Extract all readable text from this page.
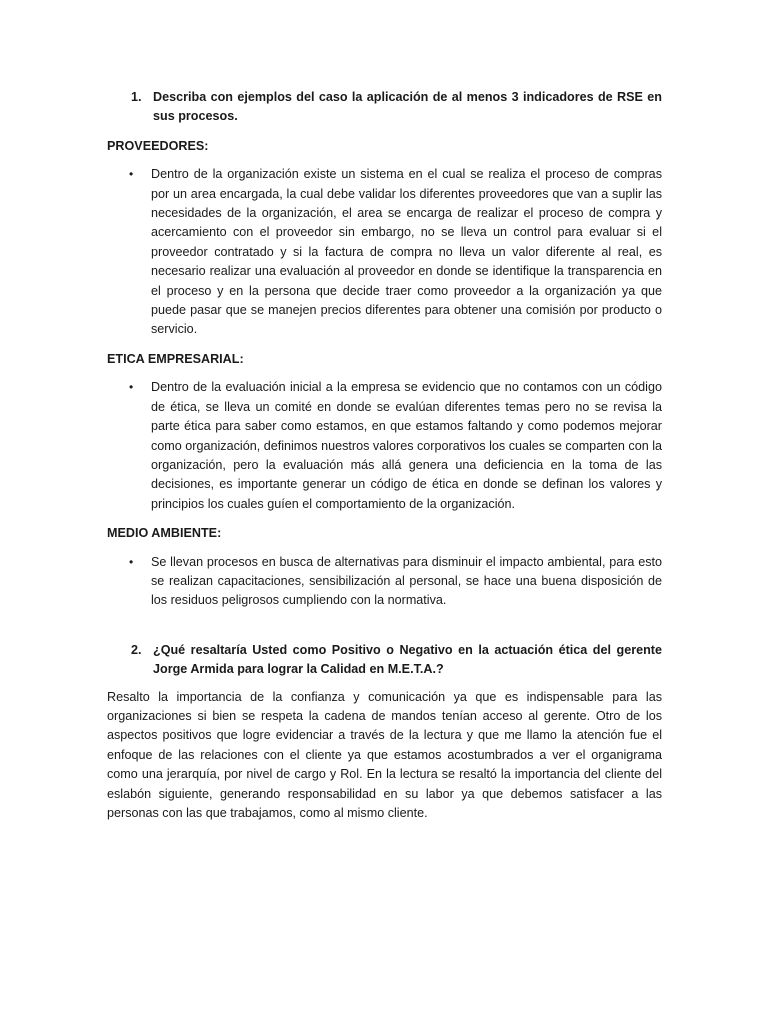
1. Describa con ejemplos del caso la aplicación de al menos 3 indicadores de RSE en sus procesos.
PROVEEDORES:
•	Dentro de la organización existe un sistema en el cual se realiza el proceso de compras por un area encargada, la cual debe validar los diferentes proveedores que van a suplir las necesidades de la organización, el area se encarga de realizar el proceso de compra y acercamiento con el proveedor sin embargo, no se lleva un control para evaluar si el proveedor contratado y si la factura de compra no lleva un valor diferente al real, es necesario realizar una evaluación al proveedor en donde se identifique la transparencia en el proceso y en la persona que decide traer como proveedor a la organización ya que puede pasar que se manejen precios diferentes para obtener una comisión por producto o servicio.
ETICA EMPRESARIAL:
•	Dentro de la evaluación inicial a la empresa se evidencio que no contamos con un código de ética, se lleva un comité en donde se evalúan diferentes temas pero no se revisa la parte ética para saber como estamos, en que estamos faltando y como podemos mejorar como organización, definimos nuestros valores corporativos los cuales se comparten con la organización, pero la evaluación más allá genera una deficiencia en la toma de las decisiones, es importante generar un código de ética en donde se definan los valores y principios los cuales guíen el comportamiento de la organización.
MEDIO AMBIENTE:
•	Se llevan procesos en busca de alternativas para disminuir el impacto ambiental, para esto se realizan capacitaciones, sensibilización al personal, se hace una buena disposición de los residuos peligrosos cumpliendo con la normativa.
2. ¿Qué resaltaría Usted como Positivo o Negativo en la actuación ética del gerente Jorge Armida para lograr la Calidad en M.E.T.A.?
Resalto la importancia de la confianza y comunicación ya que es indispensable para las organizaciones si bien se respeta la cadena de mandos tenían acceso al gerente. Otro de los aspectos positivos que logre evidenciar a través de la lectura y que me llamo la atención fue el enfoque de las relaciones con el cliente ya que estamos acostumbrados a ver el organigrama como una jerarquía, por nivel de cargo y Rol. En la lectura se resaltó la importancia del cliente del eslabón siguiente, generando responsabilidad en su labor ya que debemos satisfacer a las personas con las que trabajamos, como al mismo cliente.
